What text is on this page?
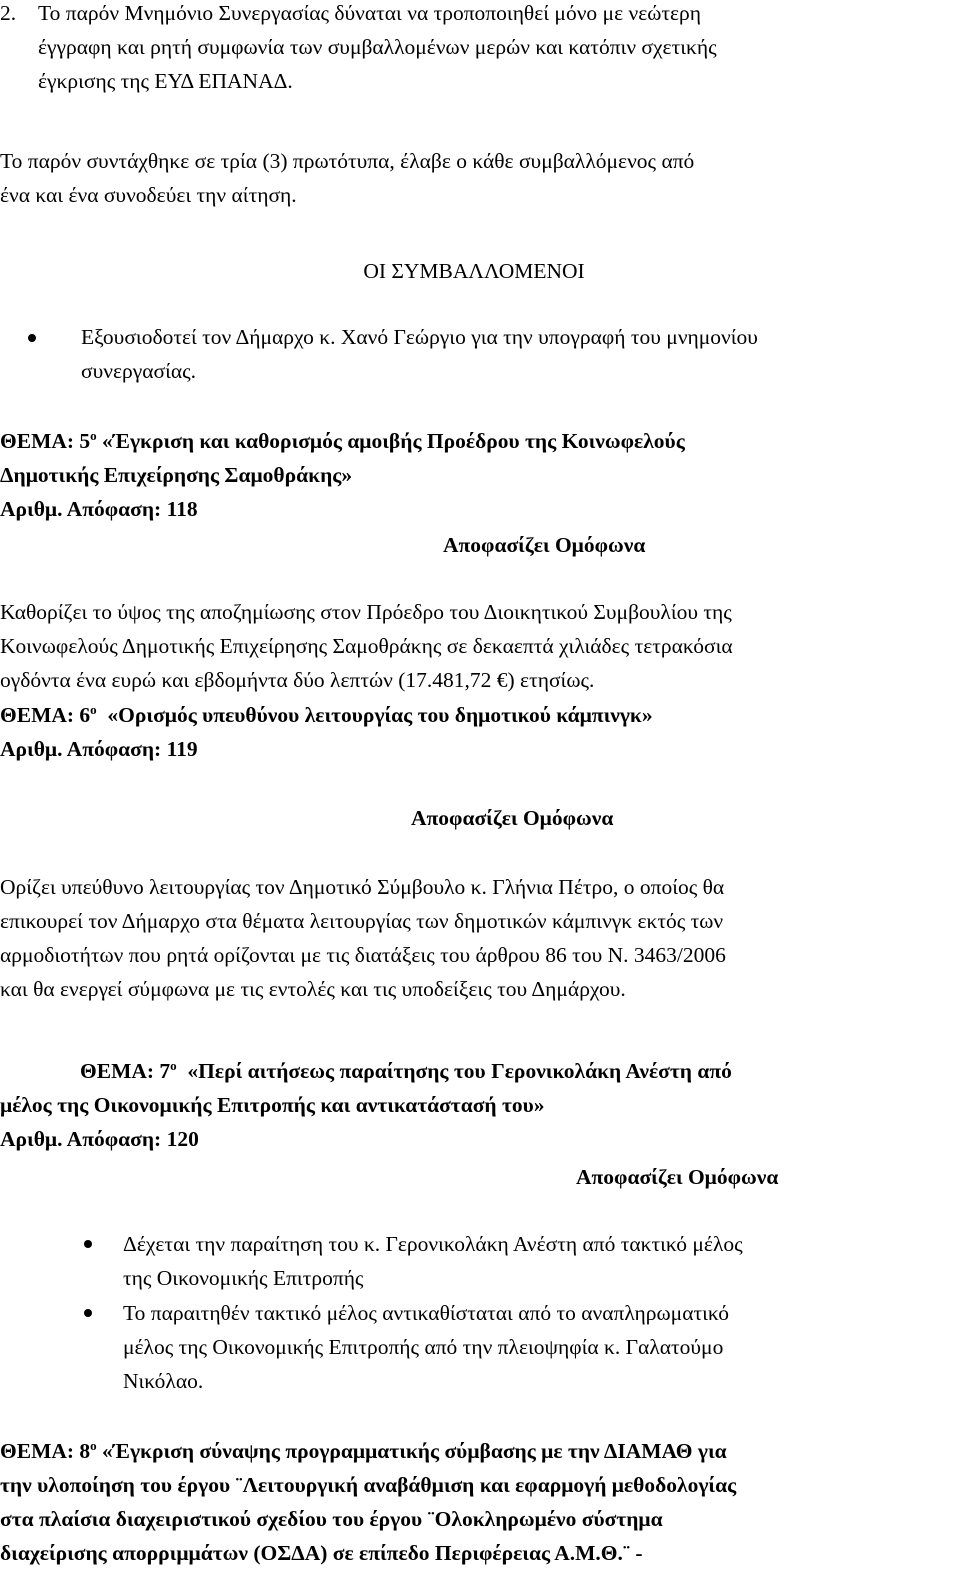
2. Το παρόν Μνημόνιο Συνεργασίας δύναται να τροποποιηθεί μόνο με νεώτερη
έγγραφη και ρητή συμφωνία των συμβαλλομένων μερών και κατόπιν σχετικής
έγκρισης της ΕΥΔ ΕΠΑΝΑΔ.
Το παρόν συντάχθηκε σε τρία (3) πρωτότυπα, έλαβε ο κάθε συμβαλλόμενος από
ένα και ένα συνοδεύει την αίτηση.
ΟΙ ΣΥΜΒΑΛΛΟΜΕΝΟΙ
Εξουσιοδοτεί τον Δήμαρχο κ. Χανό Γεώργιο για την υπογραφή του μνημονίου
συνεργασίας.
ΘΕΜΑ: $5^o$ «Έγκριση και καθορισμός αμοιβής Προέδρου της Κοινωφελούς
Δημοτικής Επιχείρησης Σαμοθράκης»
Αριθμ. Απόφαση: 118
Αποφασίζει Ομόφωνα
Καθορίζει το ύψος της αποζημίωσης στον Πρόεδρο του Διοικητικού Συμβουλίου της
Κοινωφελούς Δημοτικής Επιχείρησης Σαμοθράκης σε δεκαεπτά χιλιάδες τετρακόσια
ογδόντα ένα ευρώ και εβδομήντα δύο λεπτών (17.481,72 €) ετησίως.
ΘΕΜΑ: $6^o$ «Ορισμός υπευθύνου λειτουργίας του δημοτικού κάμπινγκ»
Αριθμ. Απόφαση: 119
Αποφασίζει Ομόφωνα
Ορίζει υπεύθυνο λειτουργίας τον Δημοτικό Σύμβουλο κ. Γλήνια Πέτρο, ο οποίος θα
επικουρεί τον Δήμαρχο στα θέματα λειτουργίας των δημοτικών κάμπινγκ εκτός των
αρμοδιοτήτων που ρητά ορίζονται με τις διατάξεις του άρθρου 86 του Ν. 3463/2006
και θα ενεργεί σύμφωνα με τις εντολές και τις υποδείξεις του Δημάρχου.
ΘΕΜΑ: $7^o$ «Περί αιτήσεως παραίτησης του Γερονικολάκη Ανέστη από
μέλος της Οικονομικής Επιτροπής και αντικατάστασή του»
Αριθμ. Απόφαση: 120
Αποφασίζει Ομόφωνα
Δέχεται την παραίτηση του κ. Γερονικολάκη Ανέστη από τακτικό μέλος
της Οικονομικής Επιτροπής
Το παραιτηθέν τακτικό μέλος αντικαθίσταται από το αναπληρωματικό
μέλος της Οικονομικής Επιτροπής από την πλειοψηφία κ. Γαλατούμο
Νικόλαο.
ΘΕΜΑ: $8^o$ «Έγκριση σύναψης προγραμματικής σύμβασης με την ΔΙΑΜΑΘ για
την υλοποίηση του έργου ¨Λειτουργική αναβάθμιση και εφαρμογή μεθοδολογίας
στα πλαίσια διαχειριστικού σχεδίου του έργου ¨Ολοκληρωμένο σύστημα
διαχείρισης απορριμμάτων (ΟΣΔΑ) σε επίπεδο Περιφέρειας Α.Μ.Θ.¨ -
